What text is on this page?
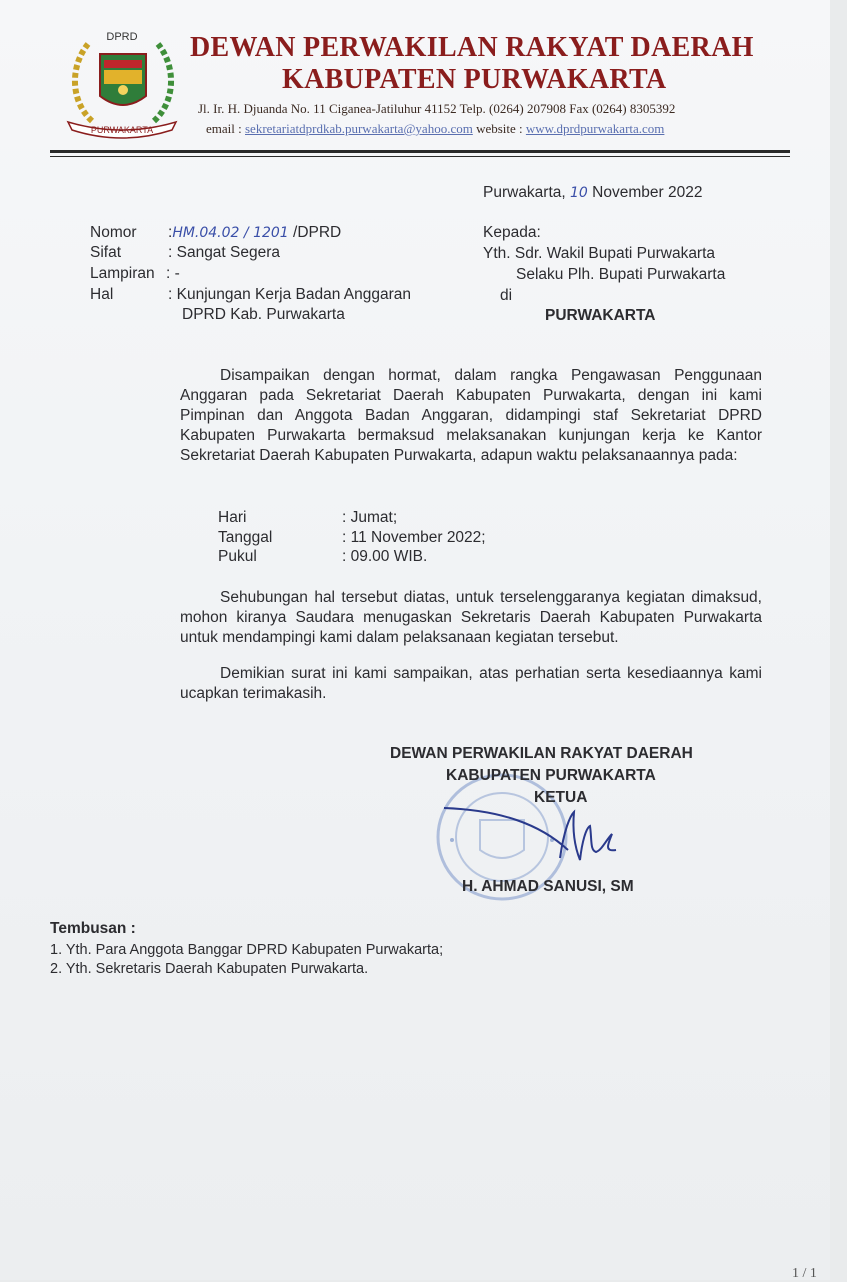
DPRD
PURWAKARTA
DEWAN PERWAKILAN RAKYAT DAERAH
KABUPATEN PURWAKARTA
Jl. Ir. H. Djuanda No. 11 Ciganea-Jatiluhur 41152 Telp. (0264) 207908 Fax (0264) 8305392
email : sekretariatdprdkab.purwakarta@yahoo.com website : www.dprdpurwakarta.com
Purwakarta, 10 November 2022
Nomor :HM.04.02 / 1201 /DPRD
Sifat	: Sangat Segera
Lampiran : -
Hal	: Kunjungan Kerja Badan Anggaran
DPRD Kab. Purwakarta
Kepada:
Yth. Sdr. Wakil Bupati Purwakarta
Selaku Plh. Bupati Purwakarta
di
PURWAKARTA
Disampaikan dengan hormat, dalam rangka Pengawasan Penggunaan Anggaran pada Sekretariat Daerah Kabupaten Purwakarta, dengan ini kami Pimpinan dan Anggota Badan Anggaran, didampingi staf Sekretariat DPRD Kabupaten Purwakarta bermaksud melaksanakan kunjungan kerja ke Kantor Sekretariat Daerah Kabupaten Purwakarta, adapun waktu pelaksanaannya pada:
Hari	: Jumat;
Tanggal	: 11 November 2022;
Pukul	: 09.00 WIB.
Sehubungan hal tersebut diatas, untuk terselenggaranya kegiatan dimaksud, mohon kiranya Saudara menugaskan Sekretaris Daerah Kabupaten Purwakarta untuk mendampingi kami dalam pelaksanaan kegiatan tersebut.
Demikian surat ini kami sampaikan, atas perhatian serta kesediaannya kami ucapkan terimakasih.
DEWAN PERWAKILAN RAKYAT DAERAH
KABUPATEN PURWAKARTA
KETUA
H. AHMAD SANUSI, SM
Tembusan :
1. Yth. Para Anggota Banggar DPRD Kabupaten Purwakarta;
2. Yth. Sekretaris Daerah Kabupaten Purwakarta.
1 / 1
